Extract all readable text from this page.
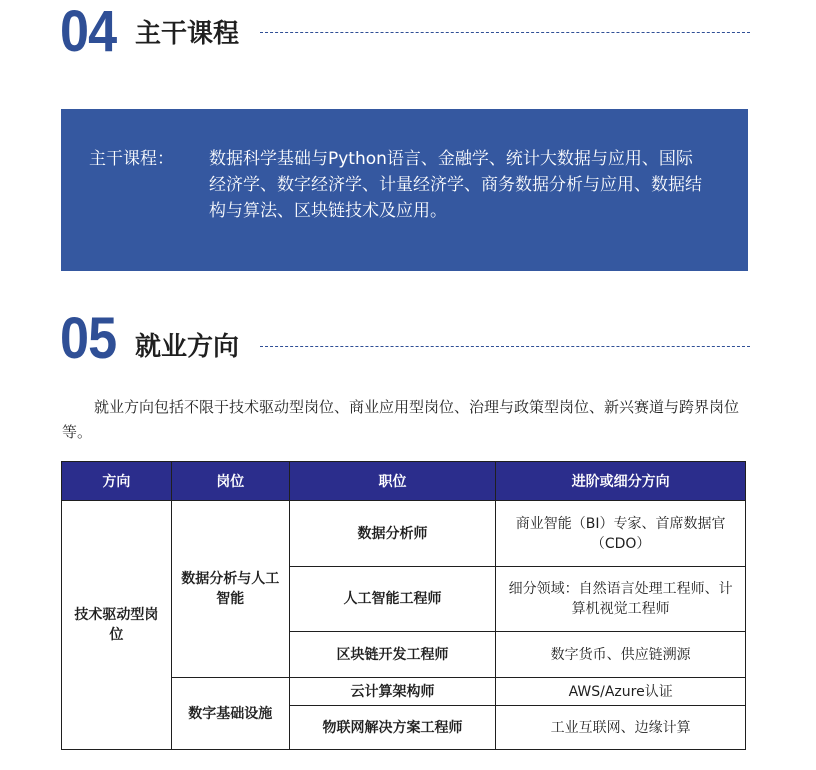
04 主干课程
主干课程： 数据科学基础与Python语言、金融学、统计大数据与应用、国际经济学、数字经济学、计量经济学、商务数据分析与应用、数据结构与算法、区块链技术及应用。
05 就业方向
就业方向包括不限于技术驱动型岗位、商业应用型岗位、治理与政策型岗位、新兴赛道与跨界岗位等。
方向	岗位	职位	进阶或细分方向
技术驱动型岗位	数据分析与人工智能	数据分析师	商业智能（BI）专家、首席数据官（CDO）
		人工智能工程师	细分领域：自然语言处理工程师、计算机视觉工程师
		区块链开发工程师	数字货币、供应链溯源
	数字基础设施	云计算架构师	AWS/Azure认证
		物联网解决方案工程师	工业互联网、边缘计算
